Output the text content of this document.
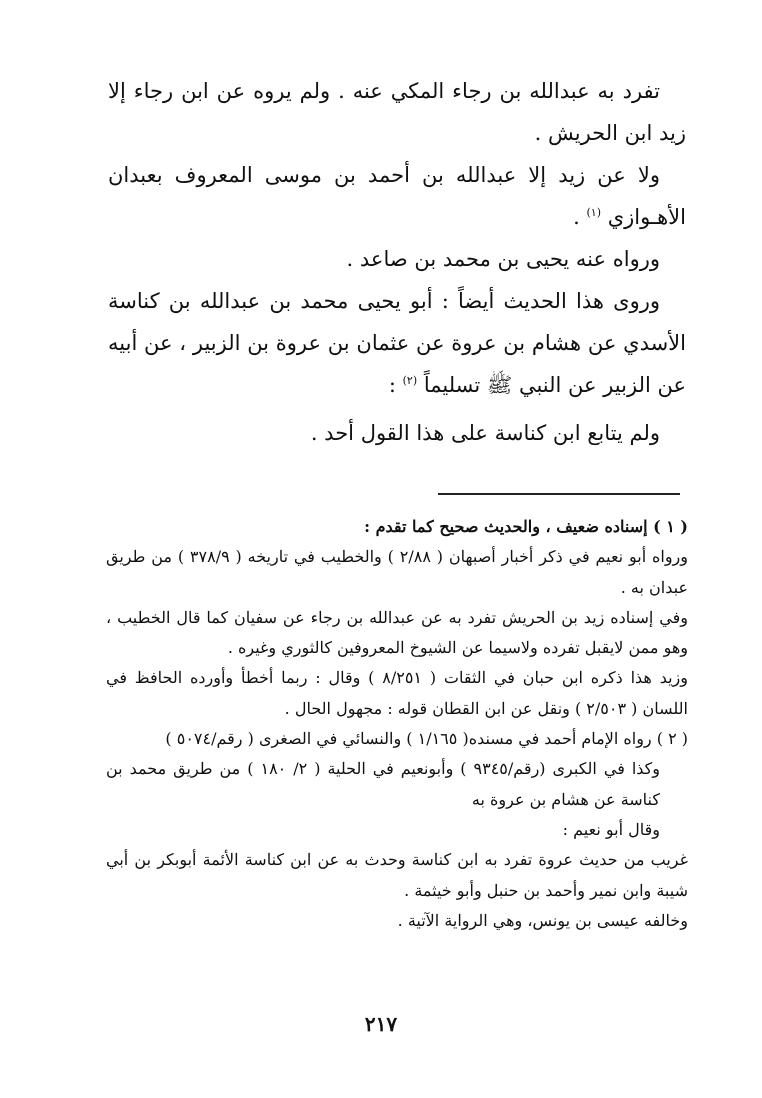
تفرد به عبدالله بن رجاء المكي عنه . ولم يروه عن ابن رجاء إلا زيد ابن الحريش .

ولا عن زيد إلا عبدالله بن أحمد بن موسى المعروف بعبدان الأهـوازي $^{(١)}$ .

ورواه عنه يحيى بن محمد بن صاعد .

وروى هذا الحديث أيضاً : أبو يحيى محمد بن عبدالله بن كناسة الأسدي عن هشام بن عروة عن عثمان بن عروة بن الزبير ، عن أبيه عن الزبير عن النبي ﷺ تسليماً $^{(٢)}$ :

ولم يتابع ابن كناسة على هذا القول أحد .

( ١ ) إسناده ضعيف ، والحديث صحيح كما تقدم :

ورواه أبو نعيم في ذكر أخبار أصبهان ( ٢/٨٨ ) والخطيب في تاريخه ( ٣٧٨/٩ ) من طريق عبدان به .

وفي إسناده زيد بن الحريش تفرد به عن عبدالله بن رجاء عن سفيان كما قال الخطيب ، وهو ممن لايقبل تفرده ولاسيما عن الشيوخ المعروفين كالثوري وغيره .

وزيد هذا ذكره ابن حبان في الثقات ( ٨/٢٥١ ) وقال : ربما أخطأ وأورده الحافظ في اللسان ( ٢/٥٠٣ ) ونقل عن ابن القطان قوله : مجهول الحال .

( ٢ ) رواه الإمام أحمد في مسنده( ١/١٦٥ ) والنسائي في الصغرى ( رقم/٥٠٧٤ )

وكذا في الكبرى (رقم/٩٣٤٥ ) وأبونعيم في الحلية ( ٢/ ١٨٠ ) من طريق محمد بن كناسة عن هشام بن عروة به

وقال أبو نعيم :

غريب من حديث عروة تفرد به ابن كناسة وحدث به عن ابن كناسة الأئمة أبوبكر بن أبي شيبة وابن نمير وأحمد بن حنبل وأبو خيثمة .

وخالفه عيسى بن يونس، وهي الرواية الآتية .

٢١٧
